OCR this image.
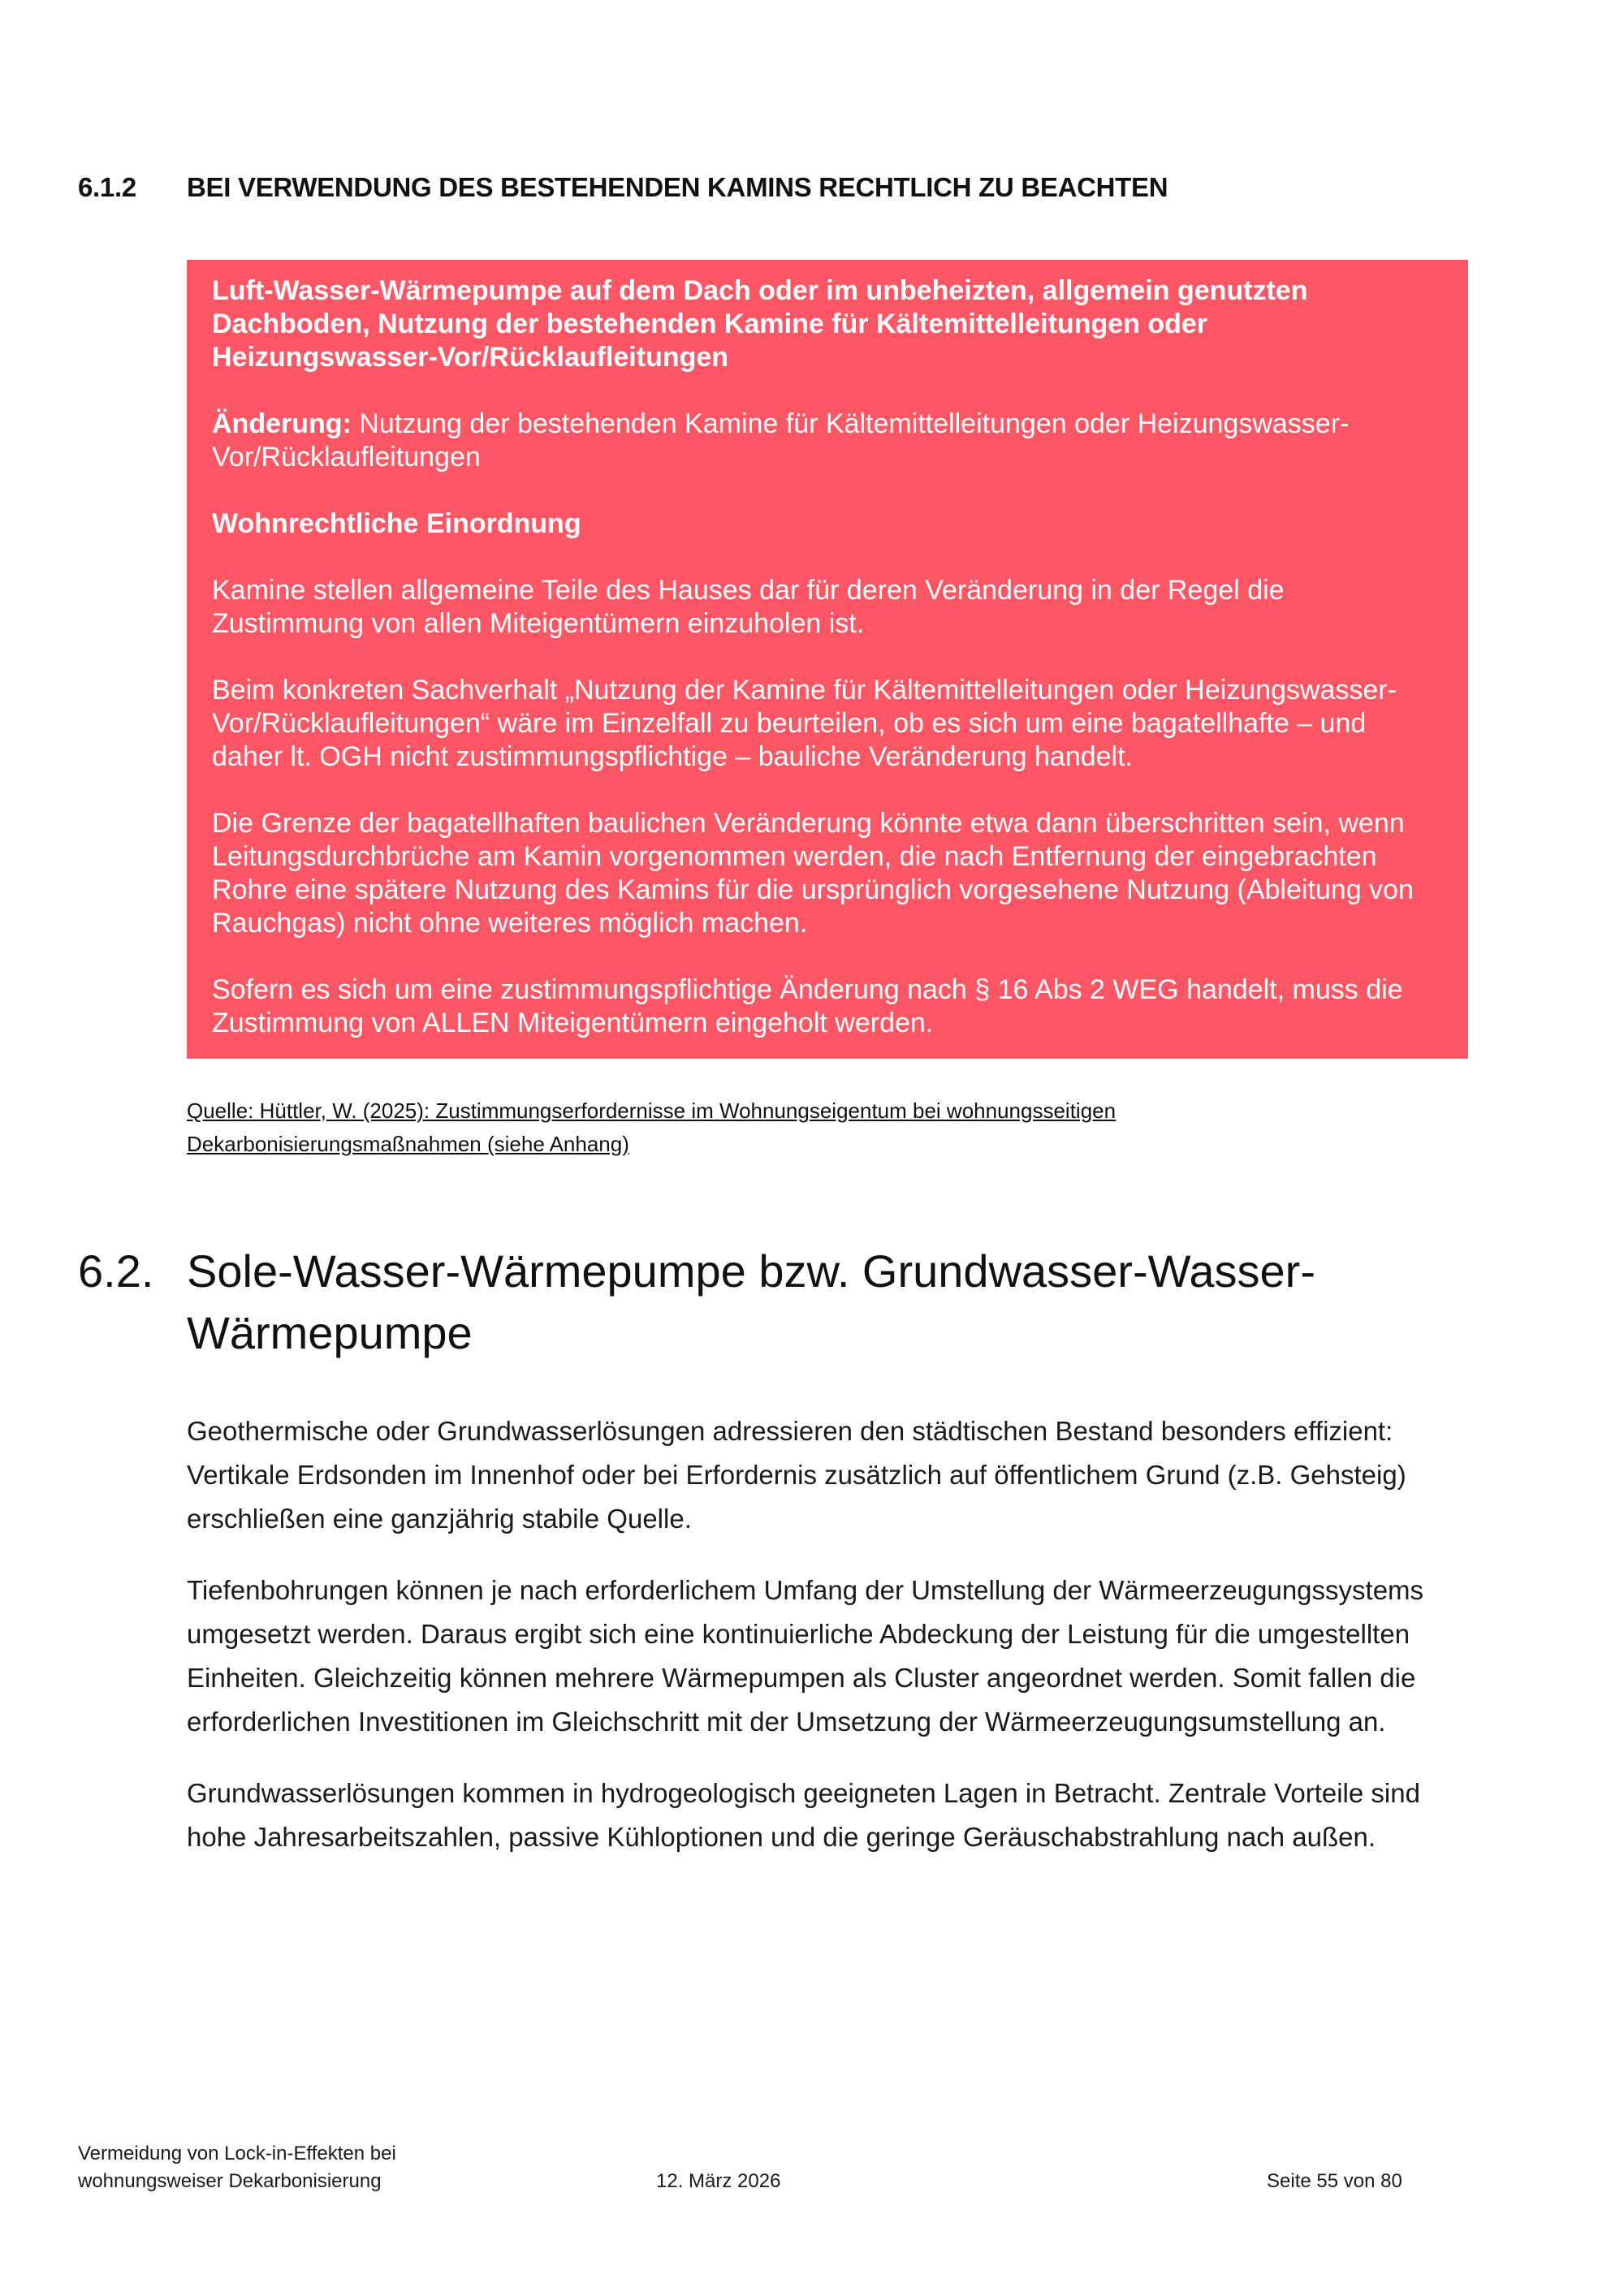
6.1.2 BEI VERWENDUNG DES BESTEHENDEN KAMINS RECHTLICH ZU BEACHTEN

Luft-Wasser-Wärmepumpe auf dem Dach oder im unbeheizten, allgemein genutzten Dachboden, Nutzung der bestehenden Kamine für Kältemittelleitungen oder Heizungswasser-Vor/Rücklaufleitungen

Änderung: Nutzung der bestehenden Kamine für Kältemittelleitungen oder Heizungswasser-Vor/Rücklaufleitungen

Wohnrechtliche Einordnung

Kamine stellen allgemeine Teile des Hauses dar für deren Veränderung in der Regel die Zustimmung von allen Miteigentümern einzuholen ist.

Beim konkreten Sachverhalt „Nutzung der Kamine für Kältemittelleitungen oder Heizungswasser-Vor/Rücklaufleitungen“ wäre im Einzelfall zu beurteilen, ob es sich um eine bagatellhafte – und daher lt. OGH nicht zustimmungspflichtige – bauliche Veränderung handelt.

Die Grenze der bagatellhaften baulichen Veränderung könnte etwa dann überschritten sein, wenn Leitungsdurchbrüche am Kamin vorgenommen werden, die nach Entfernung der eingebrachten Rohre eine spätere Nutzung des Kamins für die ursprünglich vorgesehene Nutzung (Ableitung von Rauchgas) nicht ohne weiteres möglich machen.

Sofern es sich um eine zustimmungspflichtige Änderung nach § 16 Abs 2 WEG handelt, muss die Zustimmung von ALLEN Miteigentümern eingeholt werden.

Quelle: Hüttler, W. (2025): Zustimmungserfordernisse im Wohnungseigentum bei wohnungsseitigen
Dekarbonisierungsmaßnahmen (siehe Anhang)
6.2. Sole-Wasser-Wärmepumpe bzw. Grundwasser-Wasser-Wärmepumpe

Geothermische oder Grundwasserlösungen adressieren den städtischen Bestand besonders effizient: Vertikale Erdsonden im Innenhof oder bei Erfordernis zusätzlich auf öffentlichem Grund (z.B. Gehsteig) erschließen eine ganzjährig stabile Quelle.

Tiefenbohrungen können je nach erforderlichem Umfang der Umstellung der Wärmeerzeugungssystems umgesetzt werden. Daraus ergibt sich eine kontinuierliche Abdeckung der Leistung für die umgestellten Einheiten. Gleichzeitig können mehrere Wärmepumpen als Cluster angeordnet werden. Somit fallen die erforderlichen Investitionen im Gleichschritt mit der Umsetzung der Wärmeerzeugungsumstellung an.

Grundwasserlösungen kommen in hydrogeologisch geeigneten Lagen in Betracht. Zentrale Vorteile sind hohe Jahresarbeitszahlen, passive Kühloptionen und die geringe Geräuschabstrahlung nach außen.

Vermeidung von Lock-in-Effekten bei
wohnungsweiser Dekarbonisierung	12. März 2026	Seite 55 von 80
